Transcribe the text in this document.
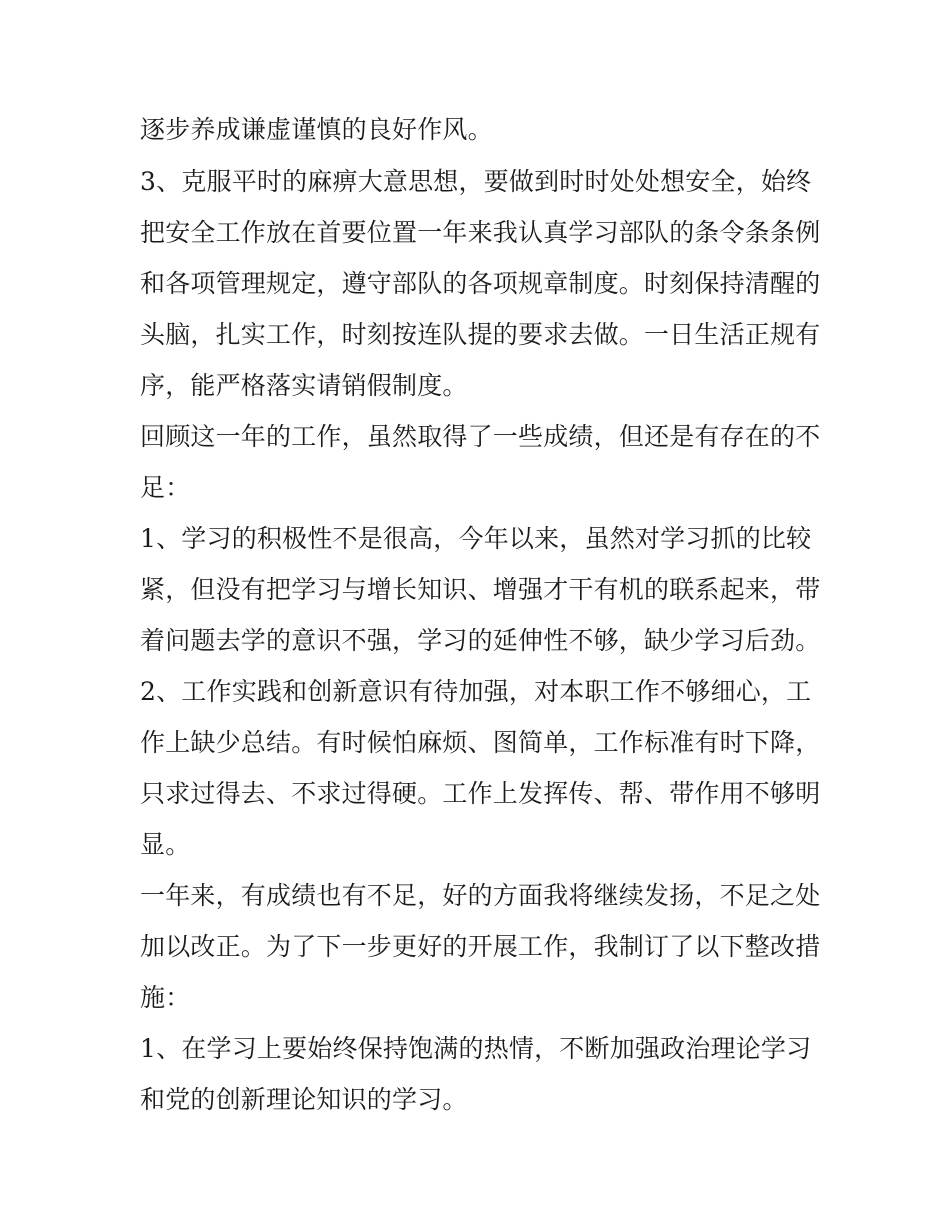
逐步养成谦虚谨慎的良好作风。
3、克服平时的麻痹大意思想，要做到时时处处想安全，始终
把安全工作放在首要位置一年来我认真学习部队的条令条条例
和各项管理规定，遵守部队的各项规章制度。时刻保持清醒的
头脑，扎实工作，时刻按连队提的要求去做。一日生活正规有
序，能严格落实请销假制度。
回顾这一年的工作，虽然取得了一些成绩，但还是有存在的不
足：
1、学习的积极性不是很高，今年以来，虽然对学习抓的比较
紧，但没有把学习与增长知识、增强才干有机的联系起来，带
着问题去学的意识不强，学习的延伸性不够，缺少学习后劲。
2、工作实践和创新意识有待加强，对本职工作不够细心，工
作上缺少总结。有时候怕麻烦、图简单，工作标准有时下降，
只求过得去、不求过得硬。工作上发挥传、帮、带作用不够明
显。
一年来，有成绩也有不足，好的方面我将继续发扬，不足之处
加以改正。为了下一步更好的开展工作，我制订了以下整改措
施：
1、在学习上要始终保持饱满的热情，不断加强政治理论学习
和党的创新理论知识的学习。
